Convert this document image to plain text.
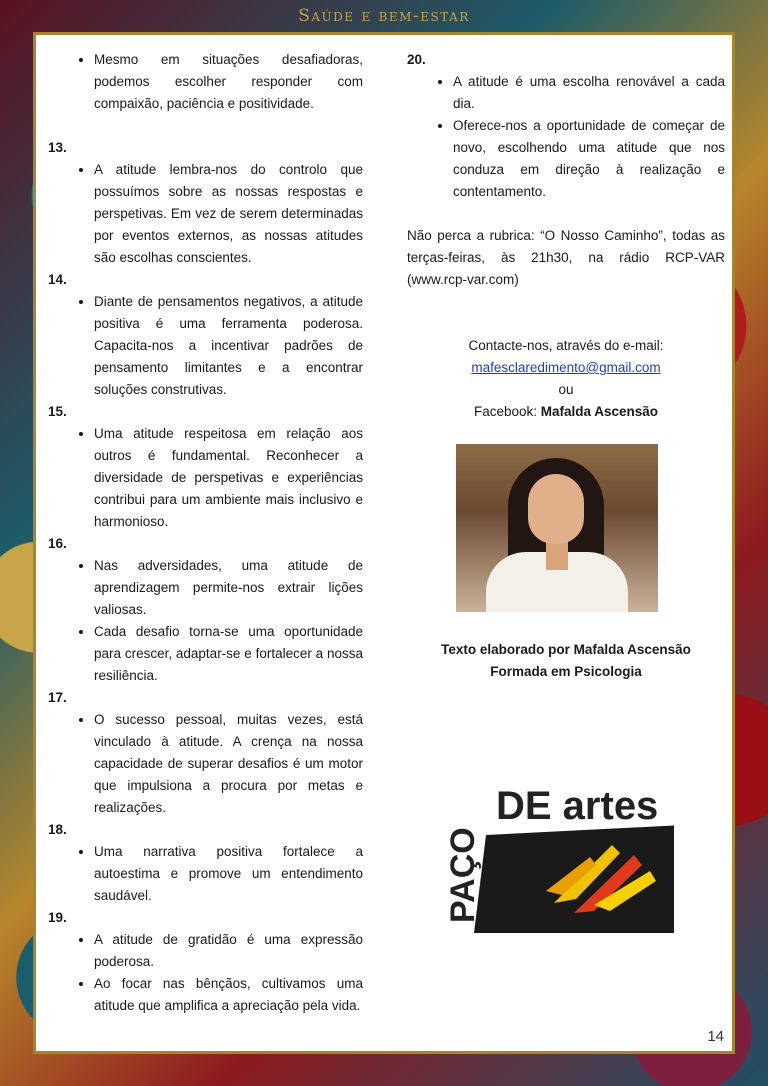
Saúde e bem-estar
• Mesmo em situações desafiadoras, podemos escolher responder com compaixão, paciência e positividade.

13.

• A atitude lembra-nos do controlo que possuímos sobre as nossas respostas e perspetivas. Em vez de serem determinadas por eventos externos, as nossas atitudes são escolhas conscientes.

14.

• Diante de pensamentos negativos, a atitude positiva é uma ferramenta poderosa. Capacita-nos a incentivar padrões de pensamento limitantes e a encontrar soluções construtivas.

15.

• Uma atitude respeitosa em relação aos outros é fundamental. Reconhecer a diversidade de perspetivas e experiências contribui para um ambiente mais inclusivo e harmonioso.

16.

• Nas adversidades, uma atitude de aprendizagem permite-nos extrair lições valiosas.
• Cada desafio torna-se uma oportunidade para crescer, adaptar-se e fortalecer a nossa resiliência.

17.

• O sucesso pessoal, muitas vezes, está vinculado à atitude. A crença na nossa capacidade de superar desafios é um motor que impulsiona a procura por metas e realizações.

18.

• Uma narrativa positiva fortalece a autoestima e promove um entendimento saudável.

19.

• A atitude de gratidão é uma expressão poderosa.
• Ao focar nas bênçãos, cultivamos uma atitude que amplifica a apreciação pela vida.

20.

• A atitude é uma escolha renovável a cada dia.
• Oferece-nos a oportunidade de começar de novo, escolhendo uma atitude que nos conduza em direção à realização e contentamento.

Não perca a rubrica: “O Nosso Caminho”, todas as terças-feiras, às 21h30, na rádio RCP-VAR (www.rcp-var.com)

Contacte-nos, através do e-mail:

mafesclaredimento@gmail.com

ou

Facebook: Mafalda Ascensão

Texto elaborado por Mafalda Ascensão
Formada em Psicologia
DE artes
PAÇO
14
